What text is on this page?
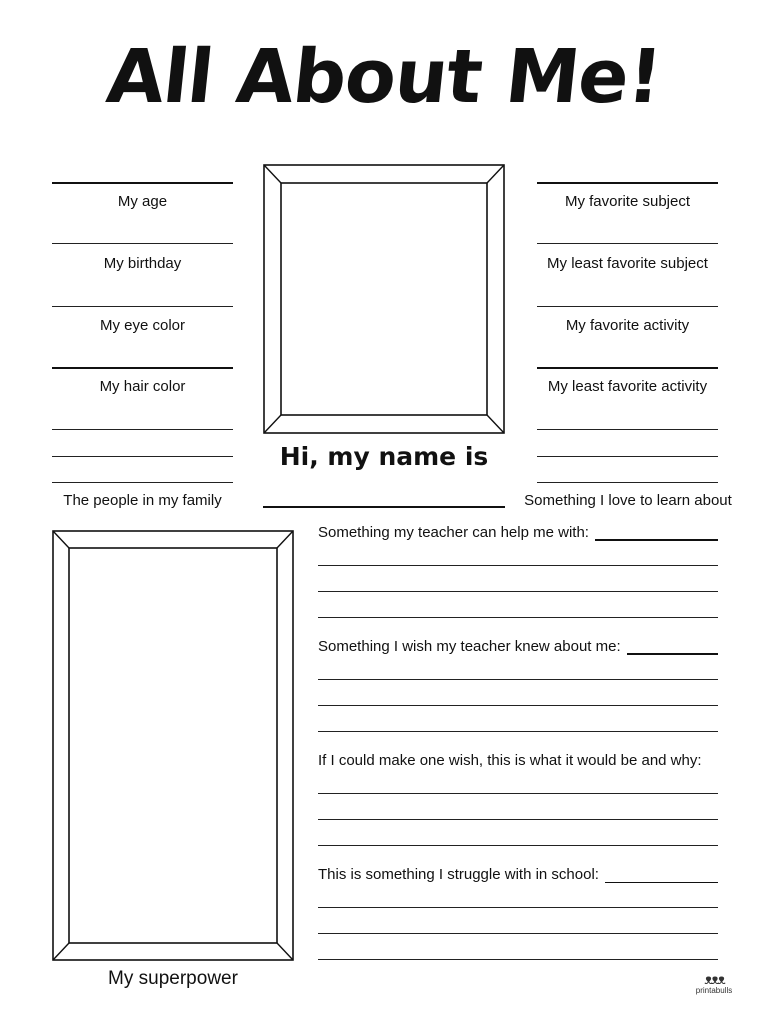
All About Me!
My age
My birthday
My eye color
My hair color
The people in my family
My favorite subject
My least favorite subject
My favorite activity
My least favorite activity
Something I love to learn about
Hi, my name is
My superpower
Something my teacher can help me with:
Something I wish my teacher knew about me:
If I could make one wish, this is what it would be and why:
This is something I struggle with in school:
ᴥᴥᴥ
printabulls
